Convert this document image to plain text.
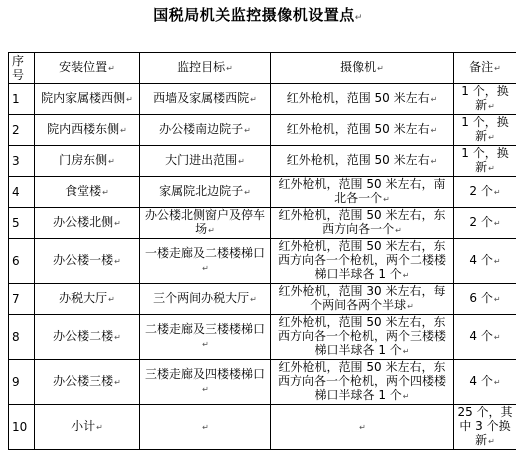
国税局机关监控摄像机设置点↵
序号	安装位置↵	监控目标↵	摄像机↵	备注↵
1	院内家属楼西侧↵	西墙及家属楼西院↵	红外枪机，范围 50 米左右↵	1 个，换新↵
2	院内西楼东侧↵	办公楼南边院子↵	红外枪机，范围 50 米左右↵	1 个，换新↵
3	门房东侧↵	大门进出范围↵	红外枪机，范围 50 米左右↵	1 个，换新↵
4	食堂楼↵	家属院北边院子↵	红外枪机，范围 50 米左右，南北各一个↵	2 个↵
5	办公楼北侧↵	办公楼北侧窗户及停车场↵	红外枪机，范围 50 米左右，东西方向各一个↵	2 个↵
6	办公楼一楼↵	一楼走廊及二楼楼梯口↵	红外枪机，范围 50 米左右，东西方向各一个枪机，两个二楼楼梯口半球各 1 个↵	4 个↵
7	办税大厅↵	三个两间办税大厅↵	红外枪机，范围 30 米左右，每个两间各两个半球↵	6 个↵
8	办公楼二楼↵	二楼走廊及三楼楼梯口↵	红外枪机，范围 50 米左右，东西方向各一个枪机，两个三楼楼梯口半球各 1 个↵	4 个↵
9	办公楼三楼↵	三楼走廊及四楼楼梯口↵	红外枪机，范围 50 米左右，东西方向各一个枪机，两个四楼楼梯口半球各 1 个↵	4 个↵
10	小计↵	↵	↵	25 个，其中 3 个换新↵
